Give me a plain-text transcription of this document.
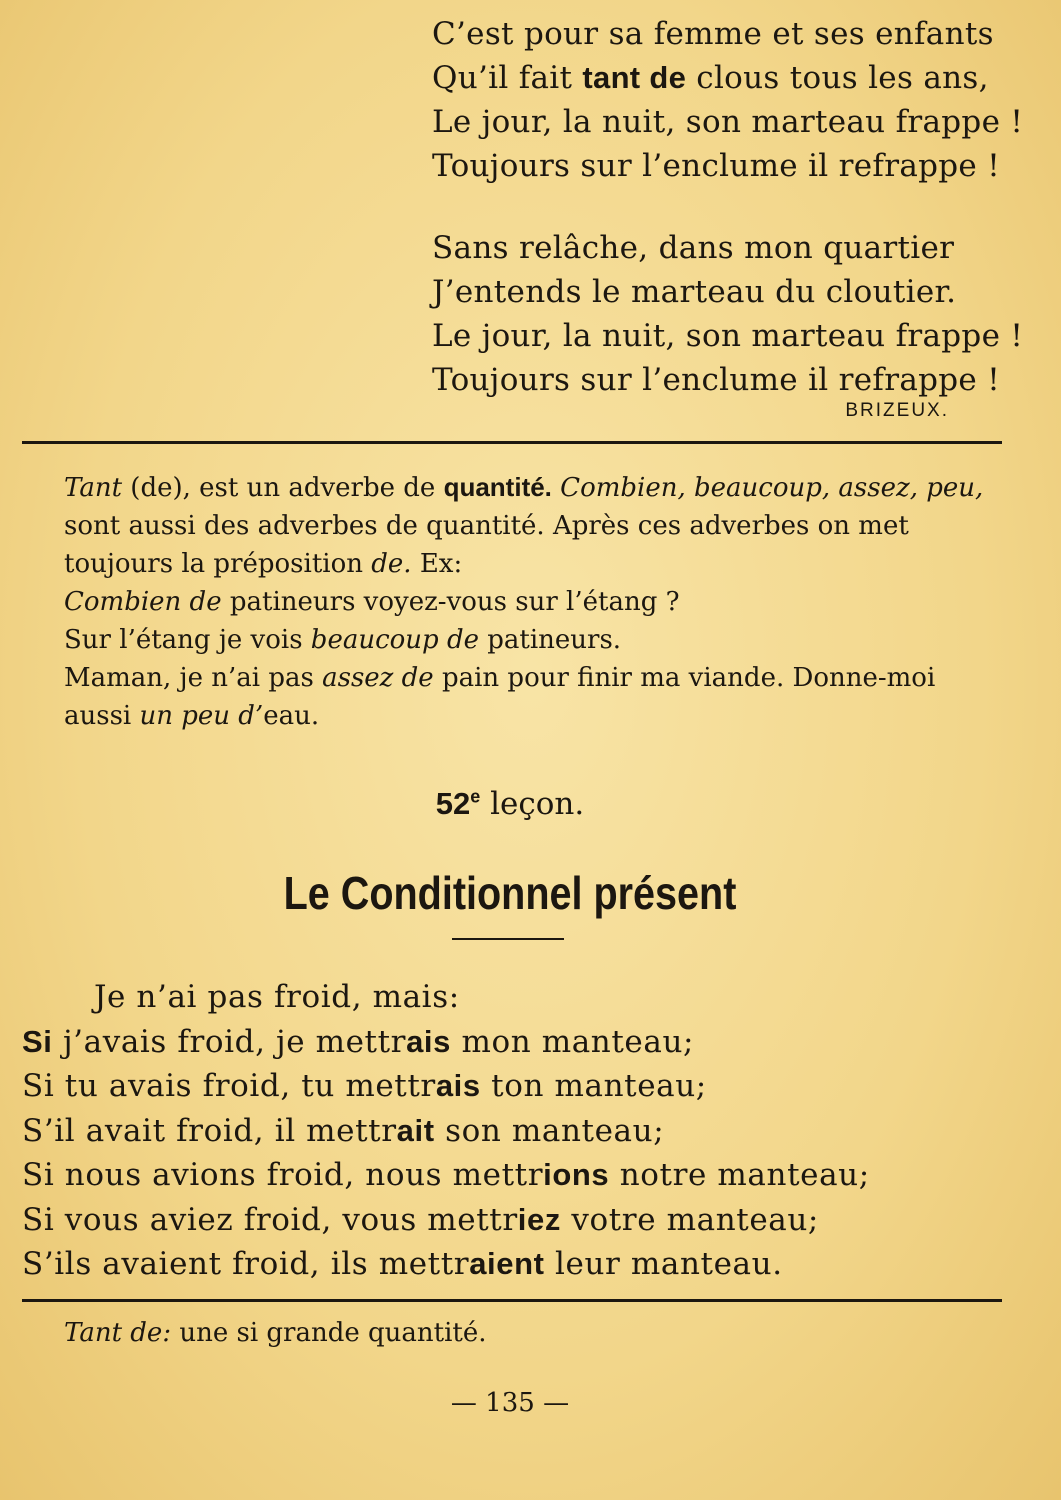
C’est pour sa femme et ses enfants
Qu’il fait tant de clous tous les ans,
Le jour, la nuit, son marteau frappe !
Toujours sur l’enclume il refrappe !
Sans relâche, dans mon quartier
J’entends le marteau du cloutier.
Le jour, la nuit, son marteau frappe !
Toujours sur l’enclume il refrappe !
BRIZEUX.
Tant (de), est un adverbe de quantité. Combien, beaucoup, assez, peu, sont aussi des adverbes de quantité. Après ces adverbes on met toujours la préposition de. Ex:
Combien de patineurs voyez-vous sur l’étang ?
Sur l’étang je vois beaucoup de patineurs.
Maman, je n’ai pas assez de pain pour finir ma viande. Donne-moi aussi un peu d’eau.
52e leçon.
Le Conditionnel présent
Je n’ai pas froid, mais:
Si j’avais froid, je mettrais mon manteau;
Si tu avais froid, tu mettrais ton manteau;
S’il avait froid, il mettrait son manteau;
Si nous avions froid, nous mettrions notre manteau;
Si vous aviez froid, vous mettriez votre manteau;
S’ils avaient froid, ils mettraient leur manteau.
Tant de: une si grande quantité.
— 135 —
